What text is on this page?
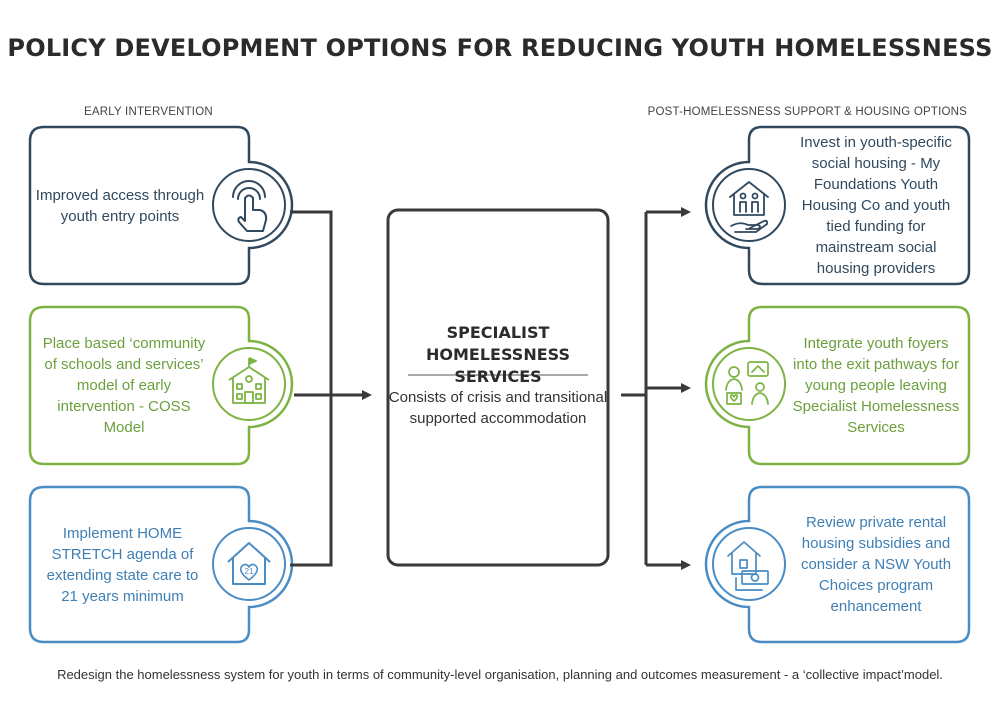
POLICY DEVELOPMENT OPTIONS FOR REDUCING YOUTH HOMELESSNESS
EARLY INTERVENTION	POST-HOMELESSNESS SUPPORT & HOUSING OPTIONS
21
Improved access through youth entry points
Place based ‘community of schools and services’ model of early intervention - COSS Model
Implement HOME STRETCH agenda of extending state care to 21 years minimum
SPECIALIST
HOMELESSNESS SERVICES
Consists of crisis and transitional supported accommodation
Invest in youth-specific social housing - My Foundations Youth Housing Co and youth tied funding for mainstream social housing providers
Integrate youth foyers into the exit pathways for young people leaving Specialist Homelessness Services
Review private rental housing subsidies and consider a NSW Youth Choices program enhancement
Redesign the homelessness system for youth in terms of community-level organisation, planning and outcomes measurement - a ‘collective impact’model.
